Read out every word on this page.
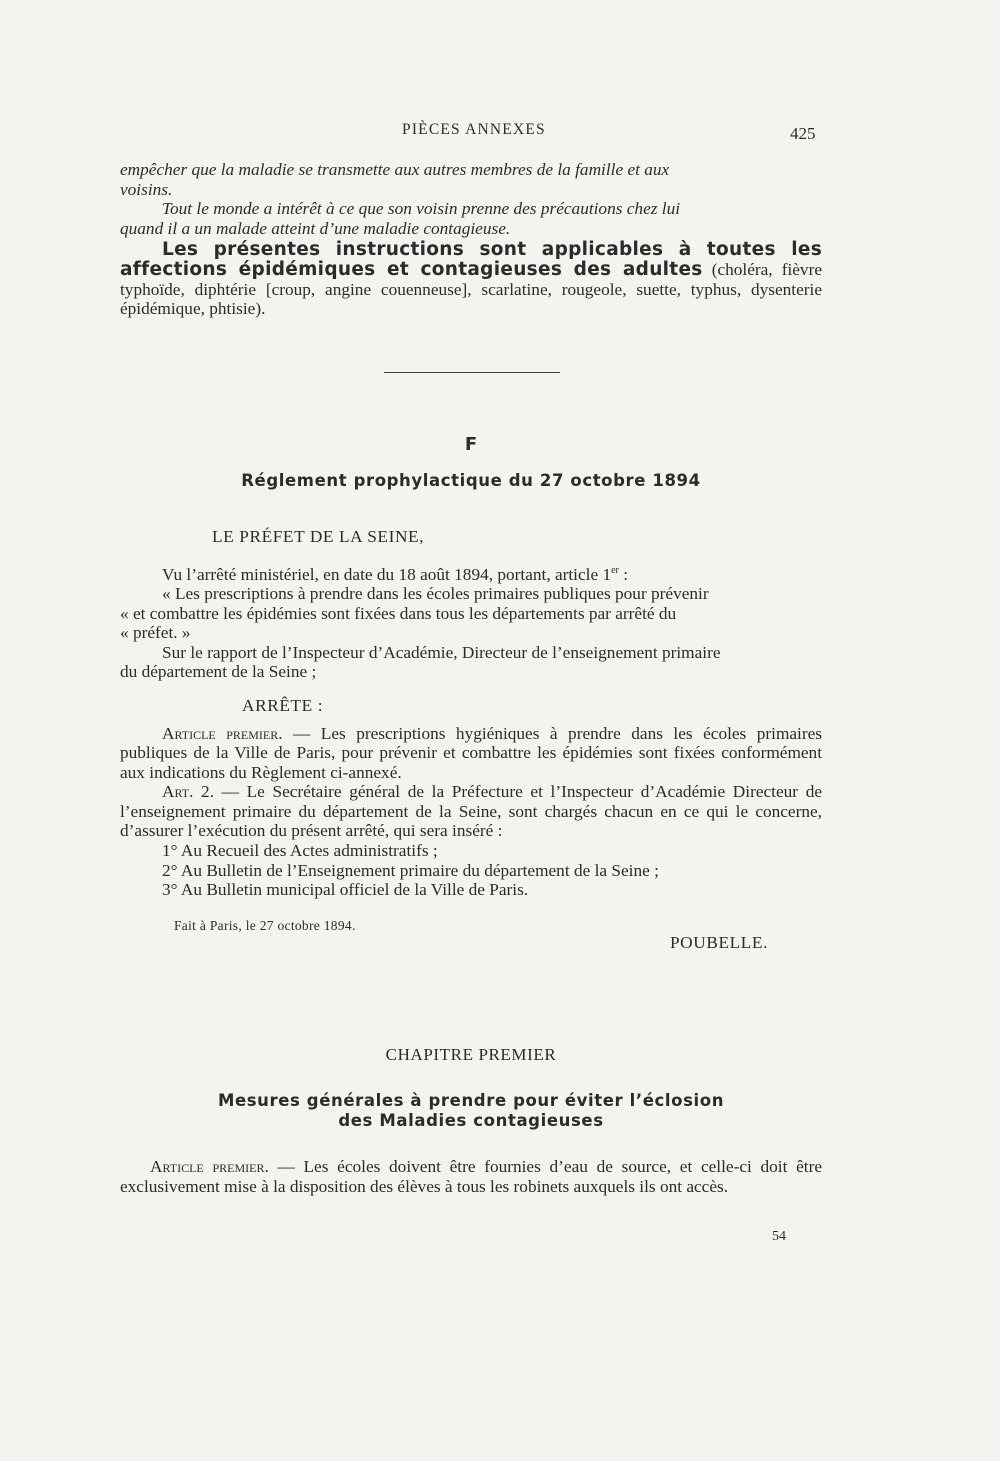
PIÈCES ANNEXES	425

empêcher que la maladie se transmette aux autres membres de la famille et aux

voisins.

Tout le monde a intérêt à ce que son voisin prenne des précautions chez lui

quand il a un malade atteint d’une maladie contagieuse.

Les présentes instructions sont applicables à toutes les affections épidémiques et contagieuses des adultes (choléra, fièvre typhoïde, diphtérie [croup, angine couenneuse], scarlatine, rougeole, suette, typhus, dysenterie épidémique, phtisie).

F

Réglement prophylactique du 27 octobre 1894

LE PRÉFET DE LA SEINE,

Vu l’arrêté ministériel, en date du 18 août 1894, portant, article 1er :

« Les prescriptions à prendre dans les écoles primaires publiques pour prévenir

« et combattre les épidémies sont fixées dans tous les départements par arrêté du

« préfet. »

Sur le rapport de l’Inspecteur d’Académie, Directeur de l’enseignement primaire

du département de la Seine ;

ARRÊTE :

Article premier. — Les prescriptions hygiéniques à prendre dans les écoles primaires publiques de la Ville de Paris, pour prévenir et combattre les épidémies sont fixées conformément aux indications du Règlement ci-annexé.

Art. 2. — Le Secrétaire général de la Préfecture et l’Inspecteur d’Académie Directeur de l’enseignement primaire du département de la Seine, sont chargés chacun en ce qui le concerne, d’assurer l’exécution du présent arrêté, qui sera inséré :

1° Au Recueil des Actes administratifs ;

2° Au Bulletin de l’Enseignement primaire du département de la Seine ;

3° Au Bulletin municipal officiel de la Ville de Paris.

Fait à Paris, le 27 octobre 1894.

POUBELLE.

CHAPITRE PREMIER

Mesures générales à prendre pour éviter l’éclosion
des Maladies contagieuses

Article premier. — Les écoles doivent être fournies d’eau de source, et celle-ci doit être exclusivement mise à la disposition des élèves à tous les robinets auxquels ils ont accès.

54
